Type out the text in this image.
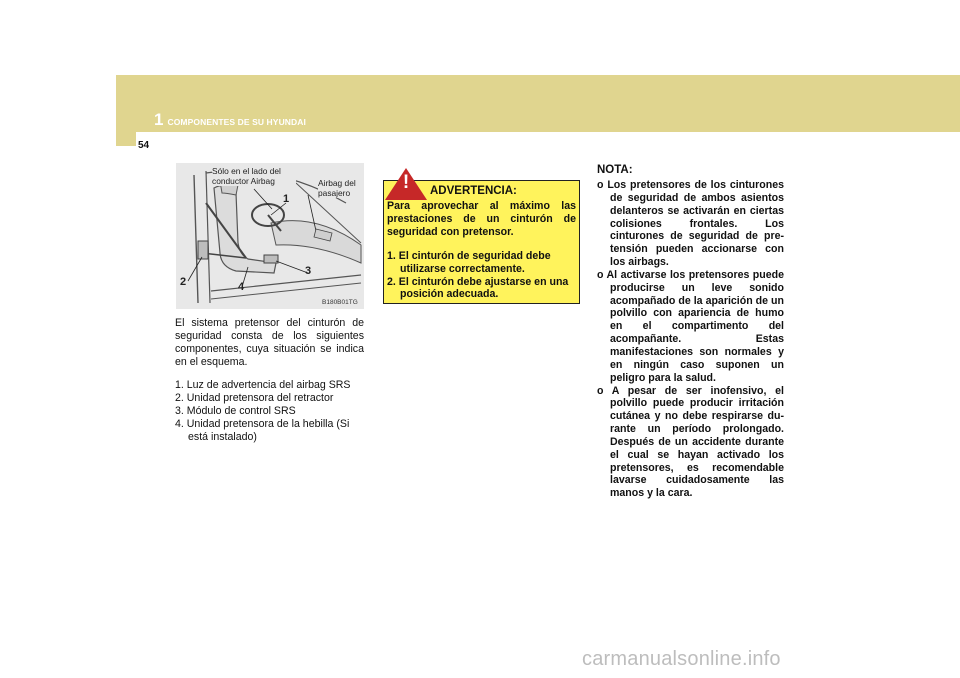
1 COMPONENTES DE SU HYUNDAI
54
Sólo en el lado del conductor Airbag	Airbag del pasajero
1
2
3
4
B180B01TG
El sistema pretensor del cinturón de seguridad consta de los siguientes componentes, cuya situación se indica en el esquema.
1. Luz de advertencia del airbag SRS
2. Unidad pretensora del retractor
3. Módulo de control SRS
4. Unidad pretensora de la hebilla (Si está instalado)
!	ADVERTENCIA:
Para aprovechar al máximo las prestaciones de un cinturón de seguridad con pretensor.
1. El cinturón de seguridad debe utilizarse correctamente.
2. El cinturón debe ajustarse en una posición adecuada.
NOTA:
o Los pretensores de los cinturones de seguridad de ambos asientos delanteros se activarán en ciertas colisiones frontales. Los cinturones de seguridad de pre-tensión pueden accionarse con los airbags.
o Al activarse los pretensores puede producirse un leve sonido acompañado de la aparición de un polvillo con apariencia de humo en el compartimento del acompañante. Estas manifestaciones son normales y en ningún caso suponen un peligro para la salud.
o A pesar de ser inofensivo, el polvillo puede producir irritación cutánea y no debe respirarse du-rante un período prolongado. Después de un accidente durante el cual se hayan activado los pretensores, es recomendable lavarse cuidadosamente las manos y la cara.
carmanualsonline.info
